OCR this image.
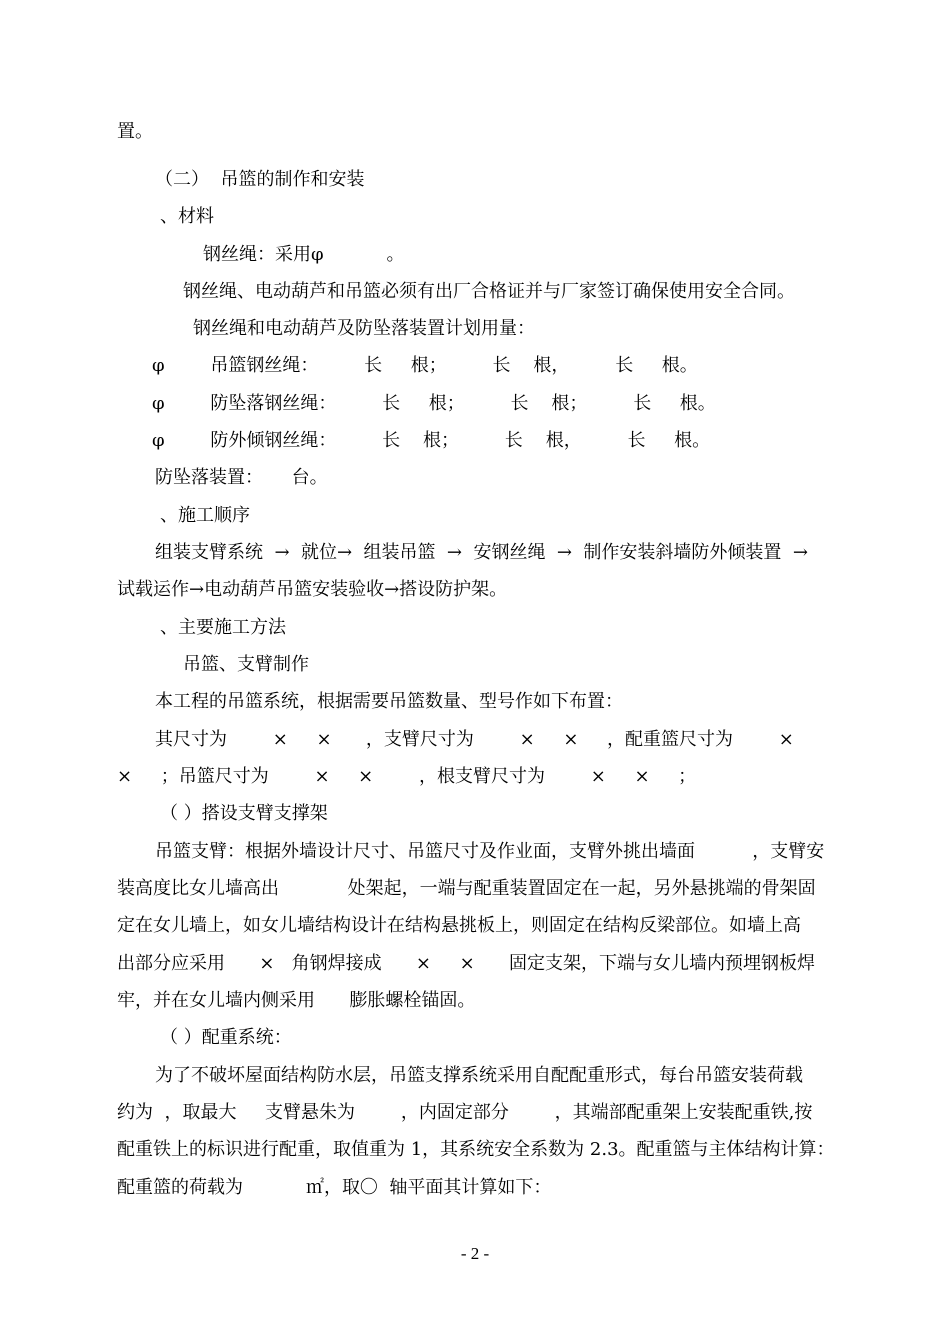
置。
（二）  吊篮的制作和安装
、材料
钢丝绳：采用φ           。
钢丝绳、电动葫芦和吊篮必须有出厂合格证并与厂家签订确保使用安全合同。
钢丝绳和电动葫芦及防坠落装置计划用量：
φ        吊篮钢丝绳：        长     根；        长    根，        长     根。
φ        防坠落钢丝绳：        长     根；        长    根；        长     根。
φ        防外倾钢丝绳：        长    根；        长    根，        长     根。
防坠落装置：     台。
、施工顺序
组装支臂系统  →  就位→  组装吊篮  →  安钢丝绳  →  制作安装斜墙防外倾装置  →
试载运作→电动葫芦吊篮安装验收→搭设防护架。
、主要施工方法
吊篮、支臂制作
本工程的吊篮系统，根据需要吊篮数量、型号作如下布置：
其尺寸为        ×     ×      ，支臂尺寸为        ×     ×     ，配重篮尺寸为        ×
×     ；吊篮尺寸为        ×     ×        ，根支臂尺寸为        ×     ×     ；
（ ）搭设支臂支撑架
吊篮支臂：根据外墙设计尺寸、吊篮尺寸及作业面，支臂外挑出墙面          ，支臂安
装高度比女儿墙高出            处架起，一端与配重装置固定在一起，另外悬挑端的骨架固
定在女儿墙上，如女儿墙结构设计在结构悬挑板上，则固定在结构反梁部位。如墙上高
出部分应采用      ×   角钢焊接成      ×     ×      固定支架，下端与女儿墙内预埋钢板焊
牢，并在女儿墙内侧采用      膨胀螺栓锚固。
（ ）配重系统：
为了不破坏屋面结构防水层，吊篮支撑系统采用自配配重形式，每台吊篮安装荷载
约为  ，取最大     支臂悬朱为        ，内固定部分        ，其端部配重架上安装配重铁,按
配重铁上的标识进行配重，取值重为 1，其系统安全系数为 2.3。配重篮与主体结构计算：
配重篮的荷载为           ㎡，取〇  轴平面其计算如下：
- 2 -
